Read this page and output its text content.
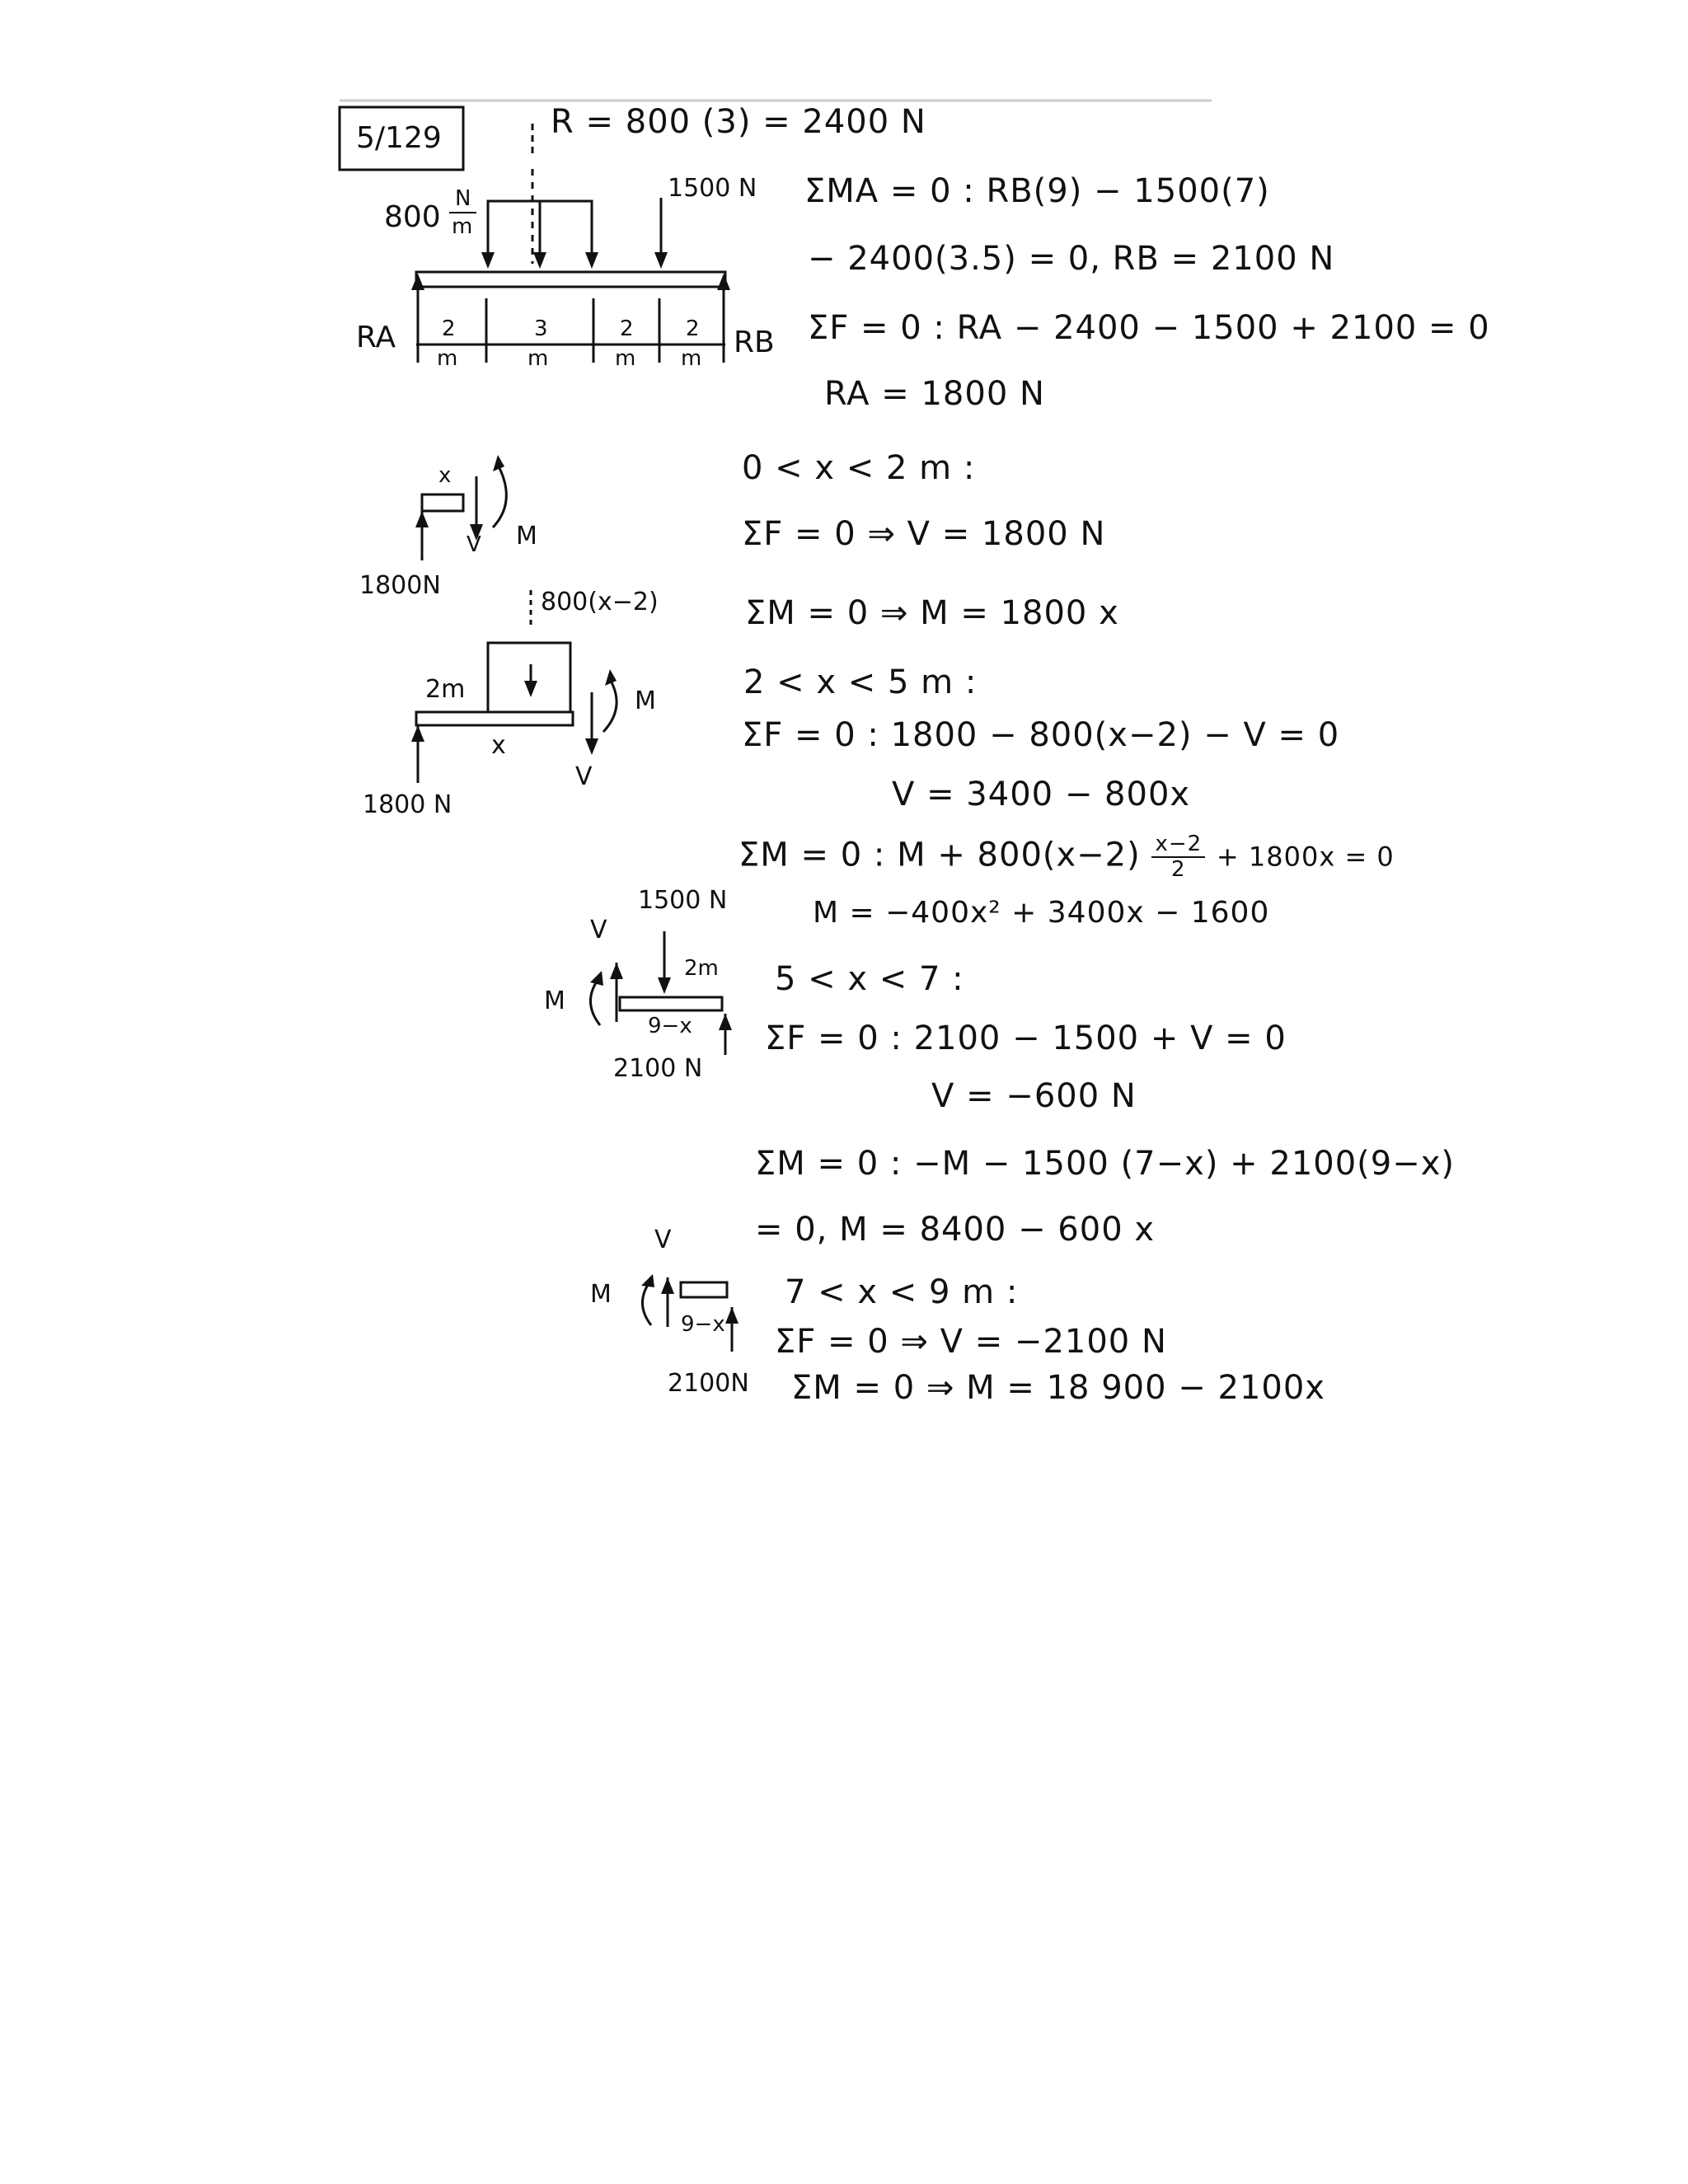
5/129	R = 800 (3) = 2400 N
800
N
m
1500 N
RA	RB
2
m
3
m
2
m
2
m
ΣMA = 0 : RB(9) − 1500(7)
− 2400(3.5) = 0, RB = 2100 N
ΣF = 0 : RA − 2400 − 1500 + 2100 = 0
RA = 1800 N
x
V M
1800N
0 < x < 2 m :
ΣF = 0 ⇒ V = 1800 N
ΣM = 0 ⇒ M = 1800 x
800(x−2)
2m
x
V
M
1800 N
2 < x < 5 m :
ΣF = 0 : 1800 − 800(x−2) − V = 0
V = 3400 − 800x
ΣM = 0 : $M + 800(x-2) \frac{x-2}{2} + 1800x = 0$
M = −400x² + 3400x − 1600
1500 N
2m
9−x
V
M
2100 N
5 < x < 7 :
ΣF = 0 : 2100 − 1500 + V = 0
V = −600 N
ΣM = 0 : −M − 1500 (7−x) + 2100(9−x)
= 0, M = 8400 − 600 x
V
M
9−x
2100N
7 < x < 9 m :
ΣF = 0 ⇒ V = −2100 N
ΣM = 0 ⇒ M = 18 900 − 2100x
